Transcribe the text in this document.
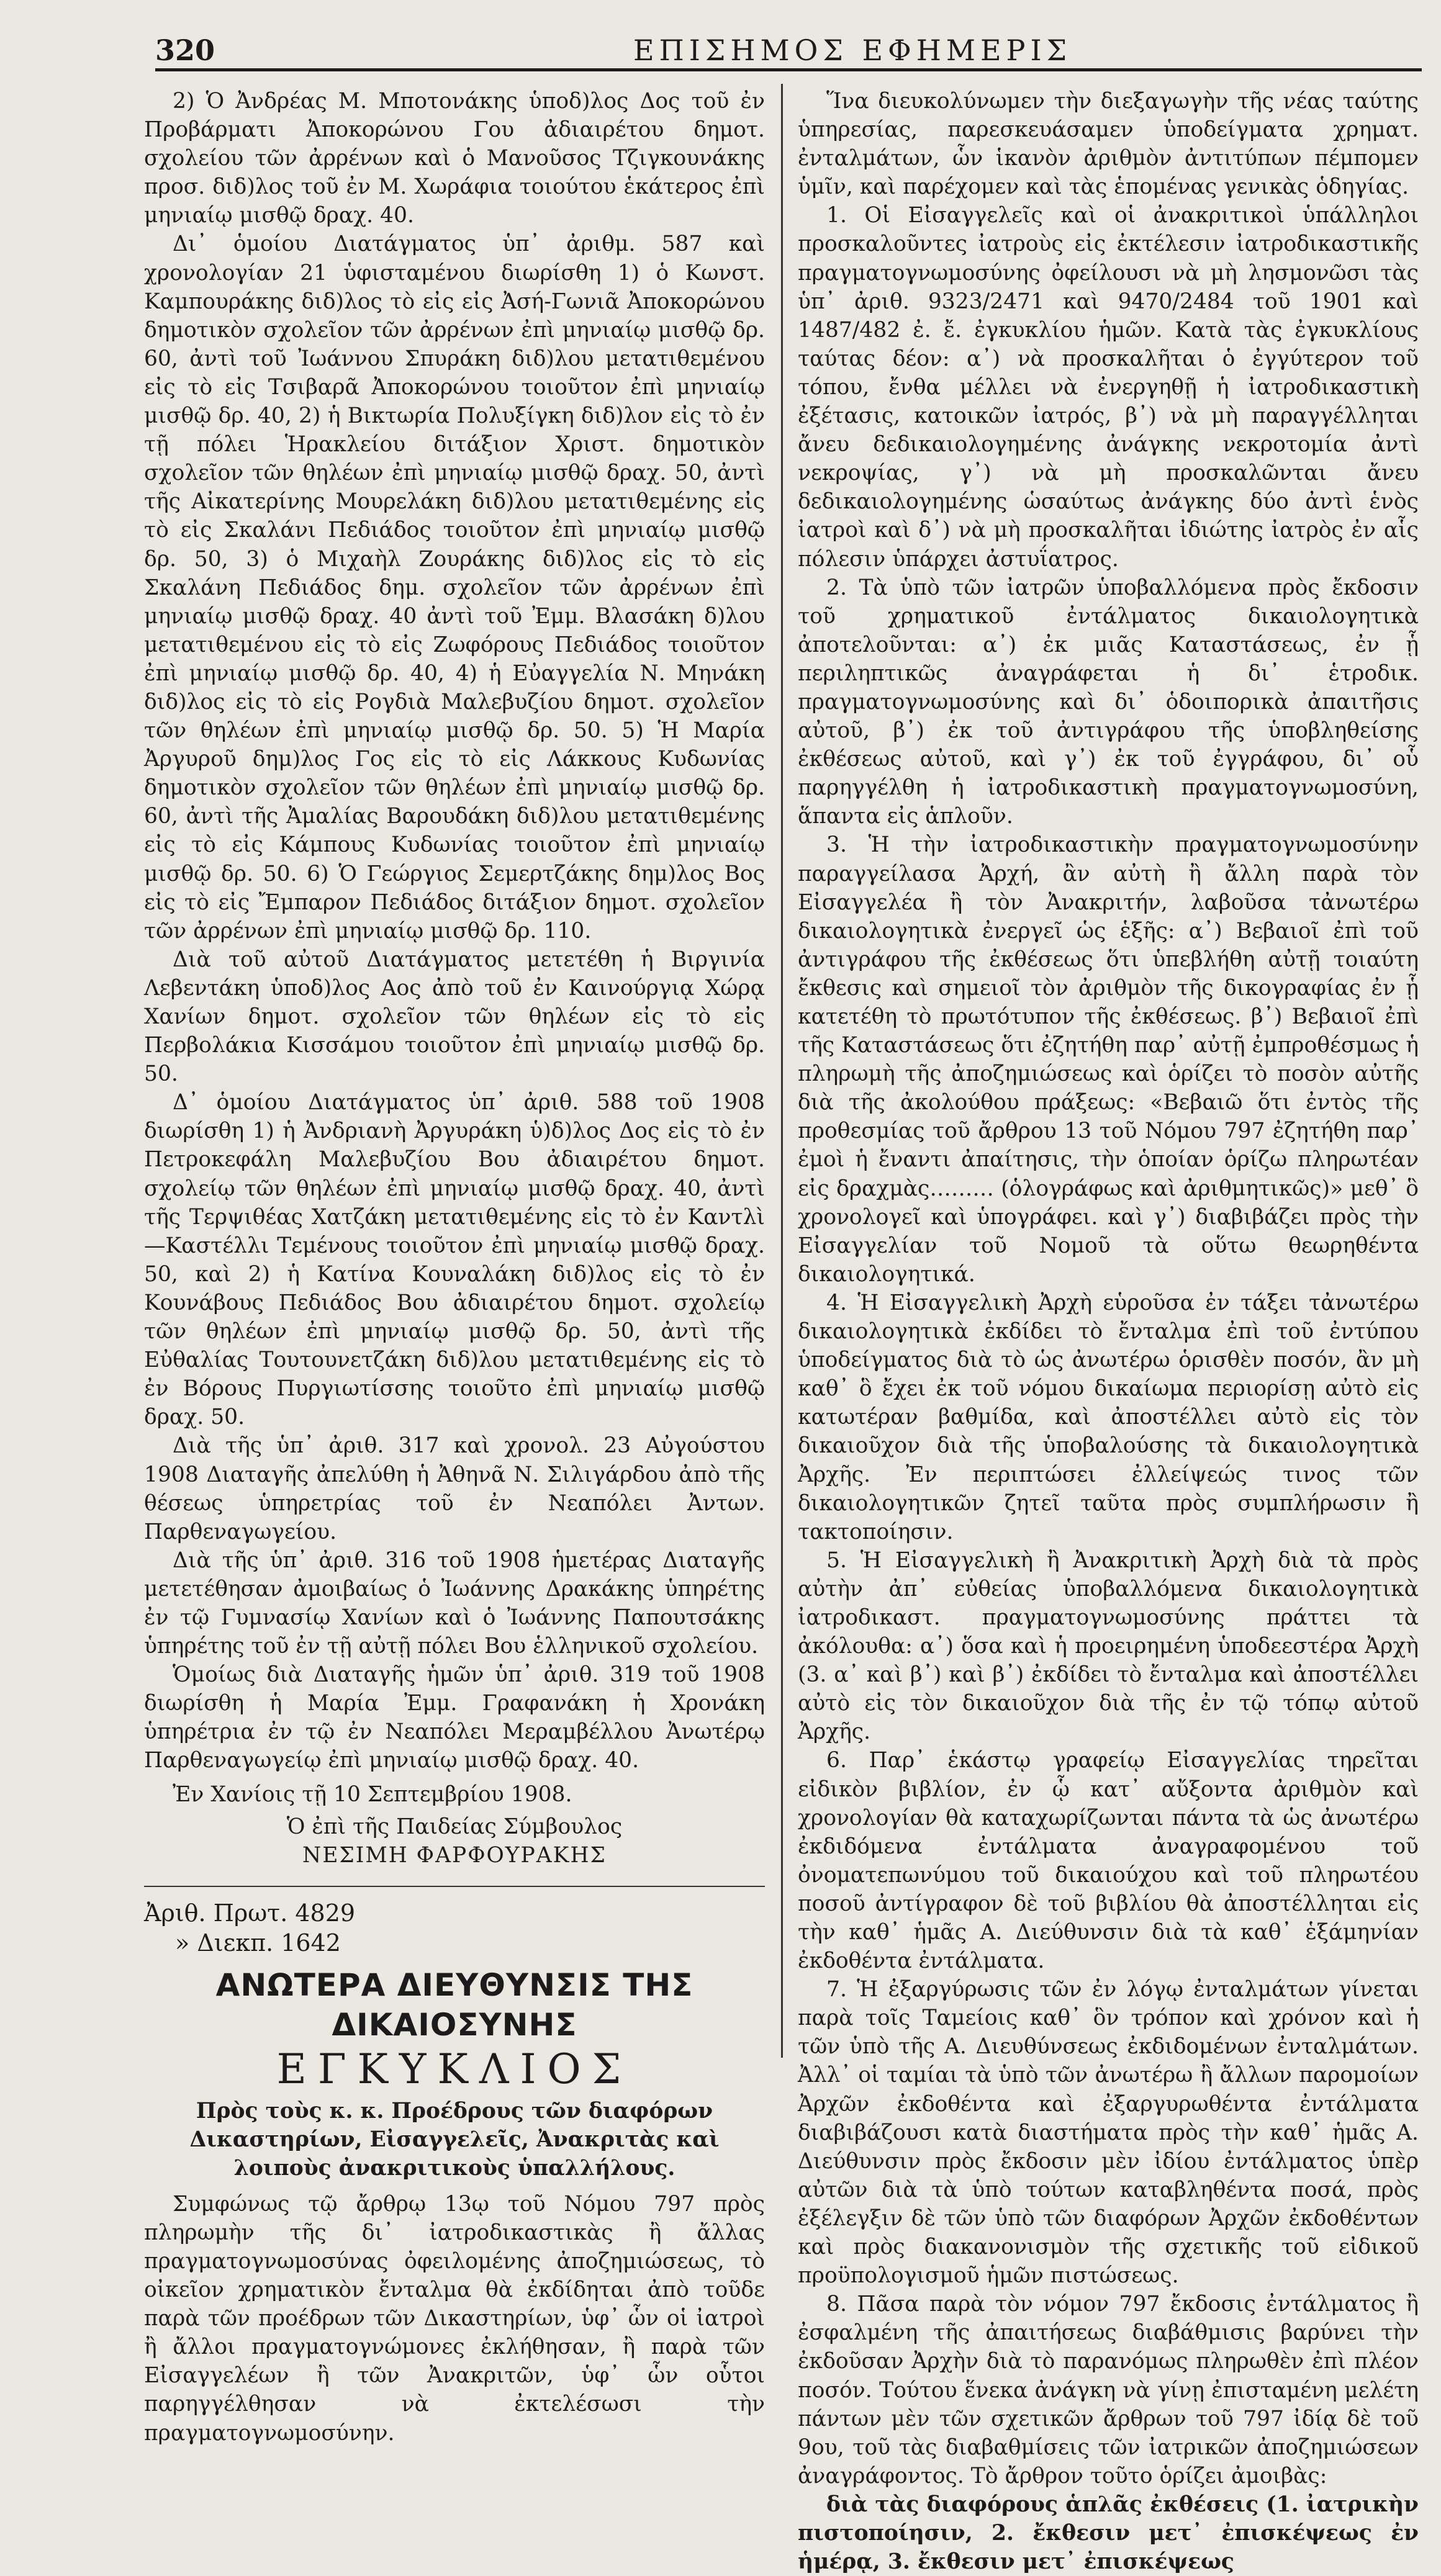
320	ΕΠΙΣΗΜΟΣ ΕΦΗΜΕΡΙΣ

2) Ὁ Ἀνδρέας Μ. Μποτονάκης ὑποδ)λος Δος τοῦ ἐν Προβάρματι Ἀποκορώνου Γου ἀδιαιρέτου δημοτ. σχολείου τῶν ἀρρένων καὶ ὁ Μανοῦσος Τζιγκουνάκης προσ. διδ)λος τοῦ ἐν Μ. Χωράφια τοιούτου ἑκάτερος ἐπὶ μηνιαίῳ μισθῷ δραχ. 40.

Δι᾽ ὁμοίου Διατάγματος ὑπ᾽ ἀριθμ. 587 καὶ χρονολογίαν 21 ὑφισταμένου διωρίσθη 1) ὁ Κωνστ. Καμπουράκης διδ)λος τὸ εἰς εἰς Ἀσή-Γωνιᾶ Ἀποκορώνου δημοτικὸν σχολεῖον τῶν ἀρρένων ἐπὶ μηνιαίῳ μισθῷ δρ. 60, ἀντὶ τοῦ Ἰωάννου Σπυράκη διδ)λου μετατιθεμένου εἰς τὸ εἰς Τσιβαρᾶ Ἀποκορώνου τοιοῦτον ἐπὶ μηνιαίῳ μισθῷ δρ. 40, 2) ἡ Βικτωρία Πολυξίγκη διδ)λον εἰς τὸ ἐν τῇ πόλει Ἡρακλείου διτάξιον Χριστ. δημοτικὸν σχολεῖον τῶν θηλέων ἐπὶ μηνιαίῳ μισθῷ δραχ. 50, ἀντὶ τῆς Αἰκατερίνης Μουρελάκη διδ)λου μετατιθεμένης εἰς τὸ εἰς Σκαλάνι Πεδιάδος τοιοῦτον ἐπὶ μηνιαίῳ μισθῷ δρ. 50, 3) ὁ Μιχαὴλ Ζουράκης διδ)λος εἰς τὸ εἰς Σκαλάνη Πεδιάδος δημ. σχολεῖον τῶν ἀρρένων ἐπὶ μηνιαίῳ μισθῷ δραχ. 40 ἀντὶ τοῦ Ἐμμ. Βλασάκη δ)λου μετατιθεμένου εἰς τὸ εἰς Ζωφόρους Πεδιάδος τοιοῦτον ἐπὶ μηνιαίῳ μισθῷ δρ. 40, 4) ἡ Εὐαγγελία Ν. Μηνάκη διδ)λος εἰς τὸ εἰς Ρογδιὰ Μαλεβυζίου δημοτ. σχολεῖον τῶν θηλέων ἐπὶ μηνιαίῳ μισθῷ δρ. 50. 5) Ἡ Μαρία Ἀργυροῦ δημ)λος Γος εἰς τὸ εἰς Λάκκους Κυδωνίας δημοτικὸν σχολεῖον τῶν θηλέων ἐπὶ μηνιαίῳ μισθῷ δρ. 60, ἀντὶ τῆς Ἀμαλίας Βαρουδάκη διδ)λου μετατιθεμένης εἰς τὸ εἰς Κάμπους Κυδωνίας τοιοῦτον ἐπὶ μηνιαίῳ μισθῷ δρ. 50. 6) Ὁ Γεώργιος Σεμερτζάκης δημ)λος Βος εἰς τὸ εἰς Ἔμπαρον Πεδιάδος διτάξιον δημοτ. σχολεῖον τῶν ἀρρένων ἐπὶ μηνιαίῳ μισθῷ δρ. 110.

Διὰ τοῦ αὐτοῦ Διατάγματος μετετέθη ἡ Βιργινία Λεβεντάκη ὑποδ)λος Αος ἀπὸ τοῦ ἐν Καινούργιᾳ Χώρᾳ Χανίων δημοτ. σχολεῖον τῶν θηλέων εἰς τὸ εἰς Περβολάκια Κισσάμου τοιοῦτον ἐπὶ μηνιαίῳ μισθῷ δρ. 50.

Δ᾽ ὁμοίου Διατάγματος ὑπ᾽ ἀριθ. 588 τοῦ 1908 διωρίσθη 1) ἡ Ἀνδριανὴ Ἀργυράκη ὑ)δ)λος Δος εἰς τὸ ἐν Πετροκεφάλη Μαλεβυζίου Βου ἀδιαιρέτου δημοτ. σχολείῳ τῶν θηλέων ἐπὶ μηνιαίῳ μισθῷ δραχ. 40, ἀντὶ τῆς Τερψιθέας Χατζάκη μετατιθεμένης εἰς τὸ ἐν Καντλὶ—Καστέλλι Τεμένους τοιοῦτον ἐπὶ μηνιαίῳ μισθῷ δραχ. 50, καὶ 2) ἡ Κατίνα Κουναλάκη διδ)λος εἰς τὸ ἐν Κουνάβους Πεδιάδος Βου ἀδιαιρέτου δημοτ. σχολείῳ τῶν θηλέων ἐπὶ μηνιαίῳ μισθῷ δρ. 50, ἀντὶ τῆς Εὐθαλίας Τουτουνετζάκη διδ)λου μετατιθεμένης εἰς τὸ ἐν Βόρους Πυργιωτίσσης τοιοῦτο ἐπὶ μηνιαίῳ μισθῷ δραχ. 50.

Διὰ τῆς ὑπ᾽ ἀριθ. 317 καὶ χρονολ. 23 Αὐγούστου 1908 Διαταγῆς ἀπελύθη ἡ Ἀθηνᾶ Ν. Σιλιγάρδου ἀπὸ τῆς θέσεως ὑπηρετρίας τοῦ ἐν Νεαπόλει Ἀντων. Παρθεναγωγείου.

Διὰ τῆς ὑπ᾽ ἀριθ. 316 τοῦ 1908 ἡμετέρας Διαταγῆς μετετέθησαν ἀμοιβαίως ὁ Ἰωάννης Δρακάκης ὑπηρέτης ἐν τῷ Γυμνασίῳ Χανίων καὶ ὁ Ἰωάννης Παπουτσάκης ὑπηρέτης τοῦ ἐν τῇ αὐτῇ πόλει Βου ἑλληνικοῦ σχολείου.

Ὁμοίως διὰ Διαταγῆς ἡμῶν ὑπ᾽ ἀριθ. 319 τοῦ 1908 διωρίσθη ἡ Μαρία Ἐμμ. Γραφανάκη ἡ Χρονάκη ὑπηρέτρια ἐν τῷ ἐν Νεαπόλει Μεραμβέλλου Ἀνωτέρῳ Παρθεναγωγείῳ ἐπὶ μηνιαίῳ μισθῷ δραχ. 40.

Ἐν Χανίοις τῇ 10 Σεπτεμβρίου 1908.

Ὁ ἐπὶ τῆς Παιδείας Σύμβουλος

ΝΕΣΙΜΗ ΦΑΡΦΟΥΡΑΚΗΣ

Ἀριθ. Πρωτ. 4829

» Διεκπ. 1642

ΑΝΩΤΕΡΑ ΔΙΕΥΘΥΝΣΙΣ ΤΗΣ ΔΙΚΑΙΟΣΥΝΗΣ

ΕΓΚΥΚΛΙΟΣ

Πρὸς τοὺς κ. κ. Προέδρους τῶν διαφόρων Δικαστηρίων, Εἰσαγγελεῖς, Ἀνακριτὰς καὶ λοιποὺς ἀνακριτικοὺς ὑπαλλήλους.

Συμφώνως τῷ ἄρθρῳ 13ῳ τοῦ Νόμου 797 πρὸς πληρωμὴν τῆς δι᾽ ἰατροδικαστικὰς ἢ ἄλλας πραγματογνωμοσύνας ὀφειλομένης ἀποζημιώσεως, τὸ οἰκεῖον χρηματικὸν ἔνταλμα θὰ ἐκδίδηται ἀπὸ τοῦδε παρὰ τῶν προέδρων τῶν Δικαστηρίων, ὑφ᾽ ὧν οἱ ἰατροὶ ἢ ἄλλοι πραγματογνώμονες ἐκλήθησαν, ἢ παρὰ τῶν Εἰσαγγελέων ἢ τῶν Ἀνακριτῶν, ὑφ᾽ ὧν οὗτοι παρηγγέλθησαν νὰ ἐκτελέσωσι τὴν πραγματογνωμοσύνην.

Ἵνα διευκολύνωμεν τὴν διεξαγωγὴν τῆς νέας ταύτης ὑπηρεσίας, παρεσκευάσαμεν ὑποδείγματα χρηματ. ἐνταλμάτων, ὧν ἱκανὸν ἀριθμὸν ἀντιτύπων πέμπομεν ὑμῖν, καὶ παρέχομεν καὶ τὰς ἑπομένας γενικὰς ὁδηγίας.

1. Οἱ Εἰσαγγελεῖς καὶ οἱ ἀνακριτικοὶ ὑπάλληλοι προσκαλοῦντες ἰατροὺς εἰς ἐκτέλεσιν ἰατροδικαστικῆς πραγματογνωμοσύνης ὀφείλουσι νὰ μὴ λησμονῶσι τὰς ὑπ᾽ ἀριθ. 9323/2471 καὶ 9470/2484 τοῦ 1901 καὶ 1487/482 ἐ. ἔ. ἐγκυκλίου ἡμῶν. Κατὰ τὰς ἐγκυκλίους ταύτας δέον: α᾽) νὰ προσκαλῆται ὁ ἐγγύτερον τοῦ τόπου, ἔνθα μέλλει νὰ ἐνεργηθῇ ἡ ἰατροδικαστικὴ ἐξέτασις, κατοικῶν ἰατρός, β᾽) νὰ μὴ παραγγέλληται ἄνευ δεδικαιολογημένης ἀνάγκης νεκροτομία ἀντὶ νεκροψίας, γ᾽) νὰ μὴ προσκαλῶνται ἄνευ δεδικαιολογημένης ὡσαύτως ἀνάγκης δύο ἀντὶ ἑνὸς ἰατροὶ καὶ δ᾽) νὰ μὴ προσκαλῆται ἰδιώτης ἰατρὸς ἐν αἷς πόλεσιν ὑπάρχει ἀστυΐατρος.

2. Τὰ ὑπὸ τῶν ἰατρῶν ὑποβαλλόμενα πρὸς ἔκδοσιν τοῦ χρηματικοῦ ἐντάλματος δικαιολογητικὰ ἀποτελοῦνται: α᾽) ἐκ μιᾶς Καταστάσεως, ἐν ᾗ περιληπτικῶς ἀναγράφεται ἡ δι᾽ ἑτροδικ. πραγματογνωμοσύνης καὶ δι᾽ ὁδοιπορικὰ ἀπαιτῆσις αὐτοῦ, β᾽) ἐκ τοῦ ἀντιγράφου τῆς ὑποβληθείσης ἐκθέσεως αὐτοῦ, καὶ γ᾽) ἐκ τοῦ ἐγγράφου, δι᾽ οὗ παρηγγέλθη ἡ ἰατροδικαστικὴ πραγματογνωμοσύνη, ἅπαντα εἰς ἁπλοῦν.

3. Ἡ τὴν ἰατροδικαστικὴν πραγματογνωμοσύνην παραγγείλασα Ἀρχή, ἂν αὐτὴ ἢ ἄλλη παρὰ τὸν Εἰσαγγελέα ἢ τὸν Ἀνακριτήν, λαβοῦσα τἀνωτέρω δικαιολογητικὰ ἐνεργεῖ ὡς ἑξῆς: α᾽) Βεβαιοῖ ἐπὶ τοῦ ἀντιγράφου τῆς ἐκθέσεως ὅτι ὑπεβλήθη αὐτῇ τοιαύτη ἔκθεσις καὶ σημειοῖ τὸν ἀριθμὸν τῆς δικογραφίας ἐν ᾗ κατετέθη τὸ πρωτότυπον τῆς ἐκθέσεως. β᾽) Βεβαιοῖ ἐπὶ τῆς Καταστάσεως ὅτι ἐζητήθη παρ᾽ αὐτῇ ἐμπροθέσμως ἡ πληρωμὴ τῆς ἀποζημιώσεως καὶ ὁρίζει τὸ ποσὸν αὐτῆς διὰ τῆς ἀκολούθου πράξεως: «Βεβαιῶ ὅτι ἐντὸς τῆς προθεσμίας τοῦ ἄρθρου 13 τοῦ Νόμου 797 ἐζητήθη παρ᾽ ἐμοὶ ἡ ἔναντι ἀπαίτησις, τὴν ὁποίαν ὁρίζω πληρωτέαν εἰς δραχμὰς……… (ὁλογράφως καὶ ἀριθμητικῶς)» μεθ᾽ ὃ χρονολογεῖ καὶ ὑπογράφει. καὶ γ᾽) διαβιβάζει πρὸς τὴν Εἰσαγγελίαν τοῦ Νομοῦ τὰ οὕτω θεωρηθέντα δικαιολογητικά.

4. Ἡ Εἰσαγγελικὴ Ἀρχὴ εὑροῦσα ἐν τάξει τἀνωτέρω δικαιολογητικὰ ἐκδίδει τὸ ἔνταλμα ἐπὶ τοῦ ἐντύπου ὑποδείγματος διὰ τὸ ὡς ἀνωτέρω ὁρισθὲν ποσόν, ἂν μὴ καθ᾽ ὃ ἔχει ἐκ τοῦ νόμου δικαίωμα περιορίσῃ αὐτὸ εἰς κατωτέραν βαθμίδα, καὶ ἀποστέλλει αὐτὸ εἰς τὸν δικαιοῦχον διὰ τῆς ὑποβαλούσης τὰ δικαιολογητικὰ Ἀρχῆς. Ἐν περιπτώσει ἐλλείψεώς τινος τῶν δικαιολογητικῶν ζητεῖ ταῦτα πρὸς συμπλήρωσιν ἢ τακτοποίησιν.

5. Ἡ Εἰσαγγελικὴ ἢ Ἀνακριτικὴ Ἀρχὴ διὰ τὰ πρὸς αὐτὴν ἀπ᾽ εὐθείας ὑποβαλλόμενα δικαιολογητικὰ ἰατροδικαστ. πραγματογνωμοσύνης πράττει τὰ ἀκόλουθα: α᾽) ὅσα καὶ ἡ προειρημένη ὑποδεεστέρα Ἀρχὴ (3. α᾽ καὶ β᾽) καὶ β᾽) ἐκδίδει τὸ ἔνταλμα καὶ ἀποστέλλει αὐτὸ εἰς τὸν δικαιοῦχον διὰ τῆς ἐν τῷ τόπῳ αὐτοῦ Ἀρχῆς.

6. Παρ᾽ ἑκάστῳ γραφείῳ Εἰσαγγελίας τηρεῖται εἰδικὸν βιβλίον, ἐν ᾧ κατ᾽ αὔξοντα ἀριθμὸν καὶ χρονολογίαν θὰ καταχωρίζωνται πάντα τὰ ὡς ἀνωτέρω ἐκδιδόμενα ἐντάλματα ἀναγραφομένου τοῦ ὀνοματεπωνύμου τοῦ δικαιούχου καὶ τοῦ πληρωτέου ποσοῦ ἀντίγραφον δὲ τοῦ βιβλίου θὰ ἀποστέλληται εἰς τὴν καθ᾽ ἡμᾶς Α. Διεύθυνσιν διὰ τὰ καθ᾽ ἑξάμηνίαν ἐκδοθέντα ἐντάλματα.

7. Ἡ ἐξαργύρωσις τῶν ἐν λόγῳ ἐνταλμάτων γίνεται παρὰ τοῖς Ταμείοις καθ᾽ ὃν τρόπον καὶ χρόνον καὶ ἡ τῶν ὑπὸ τῆς Α. Διευθύνσεως ἐκδιδομένων ἐνταλμάτων. Ἀλλ᾽ οἱ ταμίαι τὰ ὑπὸ τῶν ἀνωτέρω ἢ ἄλλων παρομοίων Ἀρχῶν ἐκδοθέντα καὶ ἐξαργυρωθέντα ἐντάλματα διαβιβάζουσι κατὰ διαστήματα πρὸς τὴν καθ᾽ ἡμᾶς Α. Διεύθυνσιν πρὸς ἔκδοσιν μὲν ἰδίου ἐντάλματος ὑπὲρ αὐτῶν διὰ τὰ ὑπὸ τούτων καταβληθέντα ποσά, πρὸς ἐξέλεγξιν δὲ τῶν ὑπὸ τῶν διαφόρων Ἀρχῶν ἐκδοθέντων καὶ πρὸς διακανονισμὸν τῆς σχετικῆς τοῦ εἰδικοῦ προϋπολογισμοῦ ἡμῶν πιστώσεως.

8. Πᾶσα παρὰ τὸν νόμον 797 ἔκδοσις ἐντάλματος ἢ ἐσφαλμένη τῆς ἀπαιτήσεως διαβάθμισις βαρύνει τὴν ἐκδοῦσαν Ἀρχὴν διὰ τὸ παρανόμως πληρωθὲν ἐπὶ πλέον ποσόν. Τούτου ἕνεκα ἀνάγκη νὰ γίνῃ ἐπισταμένη μελέτη πάντων μὲν τῶν σχετικῶν ἄρθρων τοῦ 797 ἰδίᾳ δὲ τοῦ 9ου, τοῦ τὰς διαβαθμίσεις τῶν ἰατρικῶν ἀποζημιώσεων ἀναγράφοντος. Τὸ ἄρθρον τοῦτο ὁρίζει ἀμοιβὰς:

διὰ τὰς διαφόρους ἁπλᾶς ἐκθέσεις (1. ἰατρικὴν πιστοποίησιν, 2. ἔκθεσιν μετ᾽ ἐπισκέψεως ἐν ἡμέρᾳ, 3. ἔκθεσιν μετ᾽ ἐπισκέψεως
